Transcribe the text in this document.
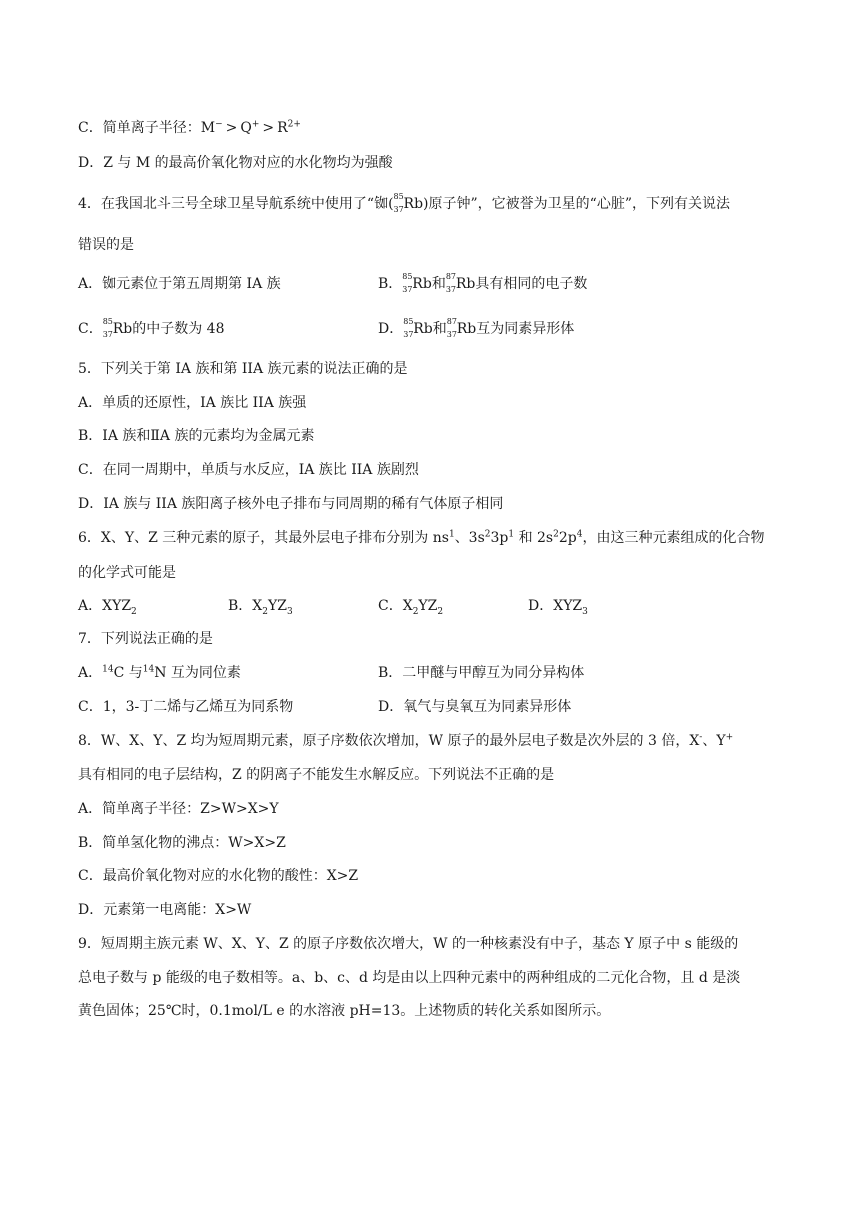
C．简单离子半径：$M^- > Q^+ > R^{2+}$
D．Z 与 M 的最高价氧化物对应的水化物均为强酸
4．在我国北斗三号全球卫星导航系统中使用了“铷( 85
37 Rb)原子钟”，它被誉为卫星的“心脏”，下列有关说法
错误的是
A．铷元素位于第五周期第 IA 族	B． 85
37 Rb和 87
37 Rb具有相同的电子数
C． 85
37 Rb的中子数为 48	D． 85
37 Rb和 87
37 Rb互为同素异形体
5．下列关于第 IA 族和第 IIA 族元素的说法正确的是
A．单质的还原性，IA 族比 IIA 族强
B．IA 族和ⅡA 族的元素均为金属元素
C．在同一周期中，单质与水反应，IA 族比 IIA 族剧烈
D．IA 族与 IIA 族阳离子核外电子排布与同周期的稀有气体原子相同
6．X、Y、Z 三种元素的原子，其最外层电子排布分别为 $ns^1$、$3s^23p^1$ 和 $2s^22p^4$，由这三种元素组成的化合物
的化学式可能是
A．$XYZ_2$	B．$X_2YZ_3$	C．$X_2YZ_2$	D．$XYZ_3$
7．下列说法正确的是
A．$^{14}$C 与$^{14}$N 互为同位素	B．二甲醚与甲醇互为同分异构体
C．1，3-丁二烯与乙烯互为同系物	D．氧气与臭氧互为同素异形体
8．W、X、Y、Z 均为短周期元素，原子序数依次增加，W 原子的最外层电子数是次外层的 3 倍，X-、Y+
具有相同的电子层结构，Z 的阴离子不能发生水解反应。下列说法不正确的是
A．简单离子半径：Z>W>X>Y
B．简单氢化物的沸点：W>X>Z
C．最高价氧化物对应的水化物的酸性：X>Z
D．元素第一电离能：X>W
9．短周期主族元素 W、X、Y、Z 的原子序数依次增大，W 的一种核素没有中子，基态 Y 原子中 s 能级的
总电子数与 p 能级的电子数相等。a、b、c、d 均是由以上四种元素中的两种组成的二元化合物，且 d 是淡
黄色固体；25℃时，0.1mol/L e 的水溶液 pH=13。上述物质的转化关系如图所示。
